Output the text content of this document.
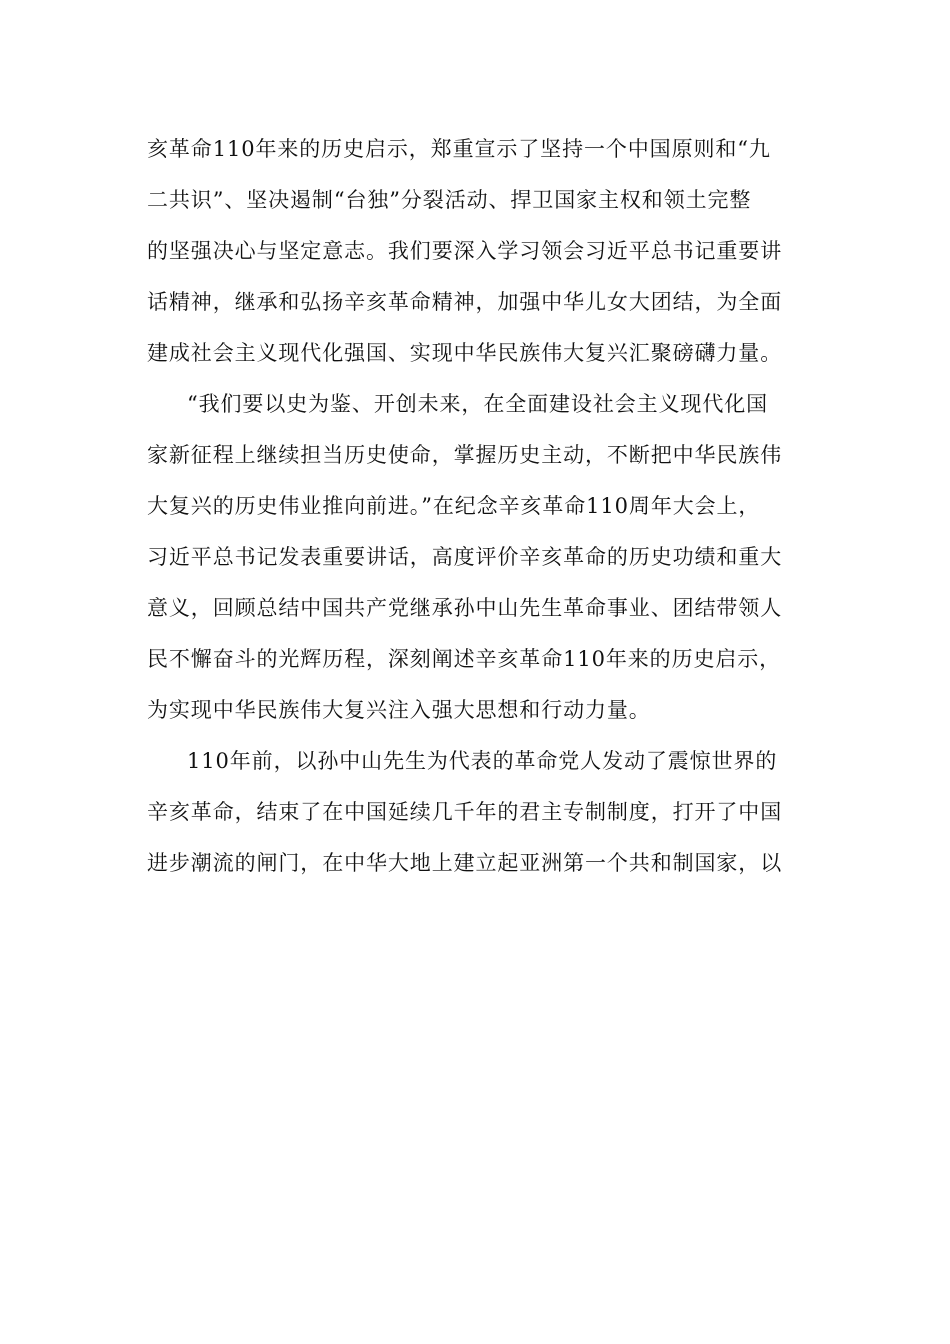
亥革命110年来的历史启示，郑重宣示了坚持一个中国原则和“九
二共识”、坚决遏制“台独”分裂活动、捍卫国家主权和领土完整
的坚强决心与坚定意志。我们要深入学习领会习近平总书记重要讲
话精神，继承和弘扬辛亥革命精神，加强中华儿女大团结，为全面
建成社会主义现代化强国、实现中华民族伟大复兴汇聚磅礴力量。
“我们要以史为鉴、开创未来，在全面建设社会主义现代化国
家新征程上继续担当历史使命，掌握历史主动，不断把中华民族伟
大复兴的历史伟业推向前进。”在纪念辛亥革命110周年大会上，
习近平总书记发表重要讲话，高度评价辛亥革命的历史功绩和重大
意义，回顾总结中国共产党继承孙中山先生革命事业、团结带领人
民不懈奋斗的光辉历程，深刻阐述辛亥革命110年来的历史启示，
为实现中华民族伟大复兴注入强大思想和行动力量。
110年前，以孙中山先生为代表的革命党人发动了震惊世界的
辛亥革命，结束了在中国延续几千年的君主专制制度，打开了中国
进步潮流的闸门，在中华大地上建立起亚洲第一个共和制国家，以
